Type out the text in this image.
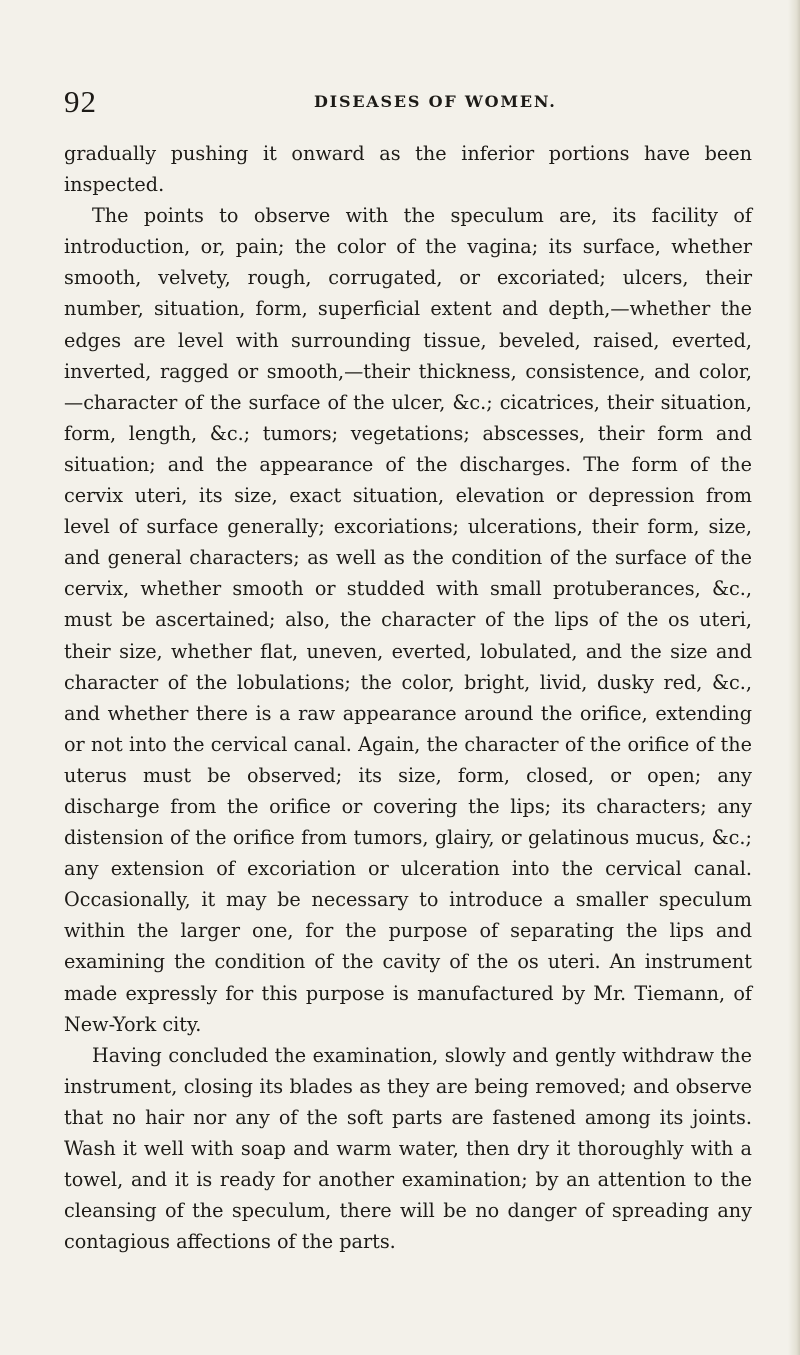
92	DISEASES OF WOMEN.

gradually pushing it onward as the inferior portions have been inspected.

The points to observe with the speculum are, its facility of introduction, or, pain; the color of the vagina; its surface, whether smooth, velvety, rough, corrugated, or excoriated; ulcers, their number, situation, form, superficial extent and depth,—whether the edges are level with surrounding tissue, beveled, raised, everted, inverted, ragged or smooth,—their thickness, consistence, and color,—character of the surface of the ulcer, &c.; cicatrices, their situation, form, length, &c.; tumors; vegetations; abscesses, their form and situation; and the appearance of the discharges. The form of the cervix uteri, its size, exact situation, elevation or depression from level of surface generally; excoriations; ulcerations, their form, size, and general characters; as well as the condition of the surface of the cervix, whether smooth or studded with small protuberances, &c., must be ascertained; also, the character of the lips of the os uteri, their size, whether flat, uneven, everted, lobulated, and the size and character of the lobulations; the color, bright, livid, dusky red, &c., and whether there is a raw appearance around the orifice, extending or not into the cervical canal. Again, the character of the orifice of the uterus must be observed; its size, form, closed, or open; any discharge from the orifice or covering the lips; its characters; any distension of the orifice from tumors, glairy, or gelatinous mucus, &c.; any extension of excoriation or ulceration into the cervical canal. Occasionally, it may be necessary to introduce a smaller speculum within the larger one, for the purpose of separating the lips and examining the condition of the cavity of the os uteri. An instrument made expressly for this purpose is manufactured by Mr. Tiemann, of New-York city.

Having concluded the examination, slowly and gently withdraw the instrument, closing its blades as they are being removed; and observe that no hair nor any of the soft parts are fastened among its joints. Wash it well with soap and warm water, then dry it thoroughly with a towel, and it is ready for another examination; by an attention to the cleansing of the speculum, there will be no danger of spreading any contagious affections of the parts.
